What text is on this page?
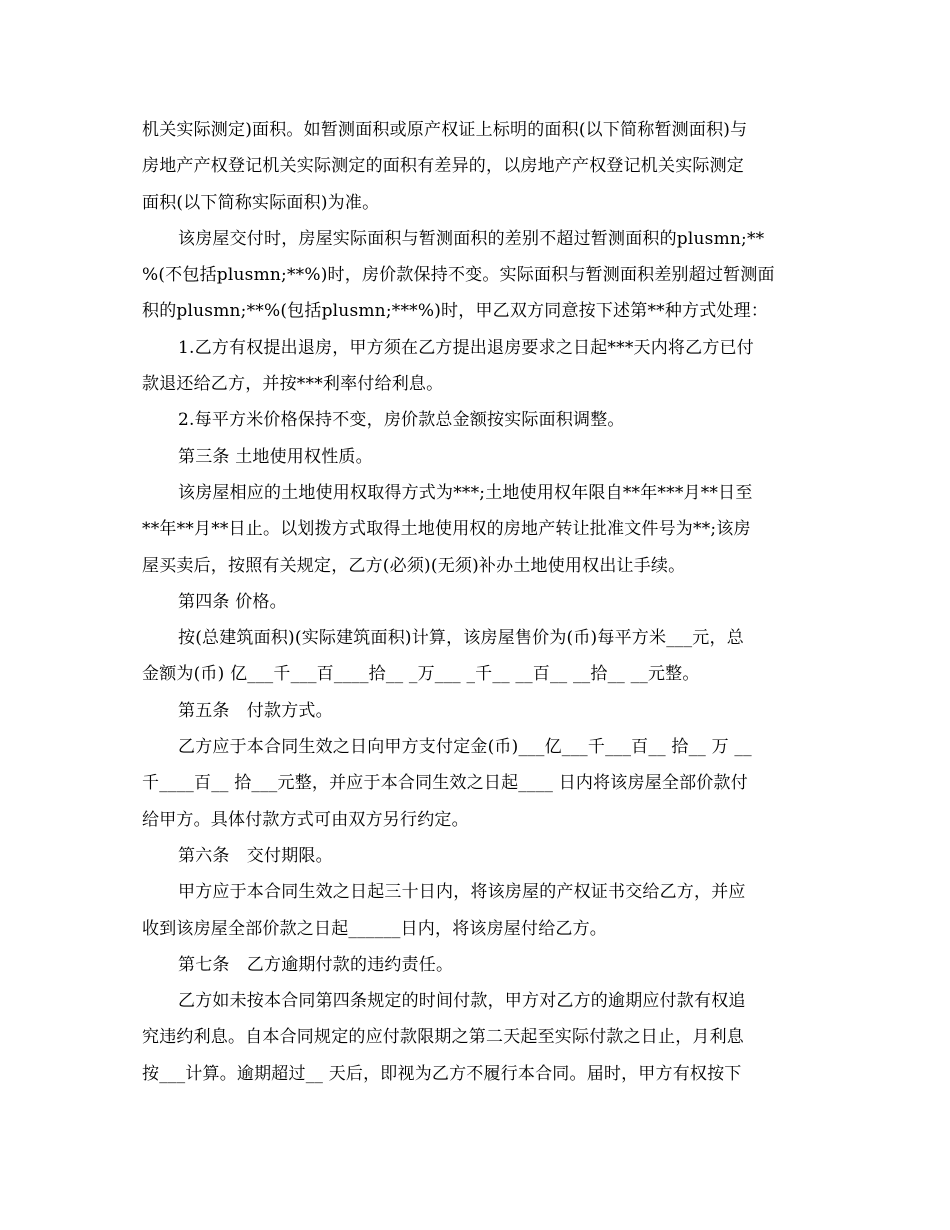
机关实际测定)面积。如暂测面积或原产权证上标明的面积(以下简称暂测面积)与
房地产产权登记机关实际测定的面积有差异的，以房地产产权登记机关实际测定
面积(以下简称实际面积)为准。
该房屋交付时，房屋实际面积与暂测面积的差别不超过暂测面积的plusmn;**
%(不包括plusmn;**%)时，房价款保持不变。实际面积与暂测面积差别超过暂测面
积的plusmn;**%(包括plusmn;***%)时，甲乙双方同意按下述第**种方式处理：
1.乙方有权提出退房，甲方须在乙方提出退房要求之日起***天内将乙方已付
款退还给乙方，并按***利率付给利息。
2.每平方米价格保持不变，房价款总金额按实际面积调整。
第三条 土地使用权性质。
该房屋相应的土地使用权取得方式为***;土地使用权年限自**年***月**日至
**年**月**日止。以划拨方式取得土地使用权的房地产转让批准文件号为**;该房
屋买卖后，按照有关规定，乙方(必须)(无须)补办土地使用权出让手续。
第四条 价格。
按(总建筑面积)(实际建筑面积)计算，该房屋售价为(币)每平方米___元，总
金额为(币) 亿___千___百____拾__ _万___ _千__ __百__ __拾__ __元整。
第五条　付款方式。
乙方应于本合同生效之日向甲方支付定金(币)___亿___千___百__ 拾__ 万 __
千____百__ 拾___元整，并应于本合同生效之日起____ 日内将该房屋全部价款付
给甲方。具体付款方式可由双方另行约定。
第六条　交付期限。
甲方应于本合同生效之日起三十日内，将该房屋的产权证书交给乙方，并应
收到该房屋全部价款之日起______日内，将该房屋付给乙方。
第七条　乙方逾期付款的违约责任。
乙方如未按本合同第四条规定的时间付款，甲方对乙方的逾期应付款有权追
究违约利息。自本合同规定的应付款限期之第二天起至实际付款之日止，月利息
按___计算。逾期超过__ 天后，即视为乙方不履行本合同。届时，甲方有权按下
